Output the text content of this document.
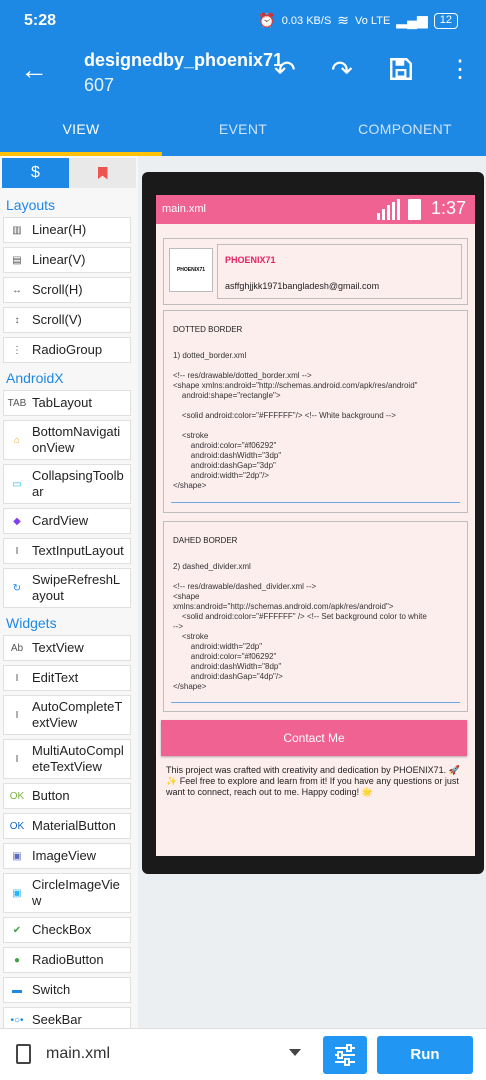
5:28	⏰ 0.03 KB/S ≋ Vo LTE ▂▄▆	12
← designedby_phoenix71
607	↶ ↷	⋮
VIEW	EVENT	COMPONENT
$
Layouts
▥ Linear(H)
▤ Linear(V)
↔ Scroll(H)
↕ Scroll(V)
⋮ RadioGroup
AndroidX
TAB TabLayout
⌂
BottomNavigationView
▭
CollapsingToolbar
◆ CardView
I	TextInputLayout
↻
SwipeRefreshLayout
Widgets
Ab TextView
I	EditText
I
AutoCompleteTextView
I
MultiAutoCompleteTextView
OK Button
OK MaterialButton
▣ ImageView
▣
CircleImageView
✔ CheckBox
● RadioButton
▬ Switch
•○• SeekBar
main.xml	1:37
PHOENIX71
PHOENIX71
asffghjjkk1971bangladesh@gmail.com
DOTTED BORDER
1) dotted_border.xml

<!-- res/drawable/dotted_border.xml -->
<shape xmlns:android="http://schemas.android.com/apk/res/android"
android:shape="rectangle">

<solid android:color="#FFFFFF"/> <!-- White background -->

<stroke
android:color="#f06292"
android:dashWidth="3dp"
android:dashGap="3dp"
android:width="2dp"/>
</shape>
DAHED BORDER
2) dashed_divider.xml

<!-- res/drawable/dashed_divider.xml -->
<shape
xmlns:android="http://schemas.android.com/apk/res/android">
<solid android:color="#FFFFFF" /> <!-- Set background color to white
-->
<stroke
android:width="2dp"
android:color="#f06292"
android:dashWidth="8dp"
android:dashGap="4dp"/>
</shape>
Contact Me
This project was crafted with creativity and dedication by PHOENIX71. 🚀 ✨ Feel free to explore and learn from it! If you have any questions or just want to connect, reach out to me. Happy coding! 🌟
main.xml	Run
